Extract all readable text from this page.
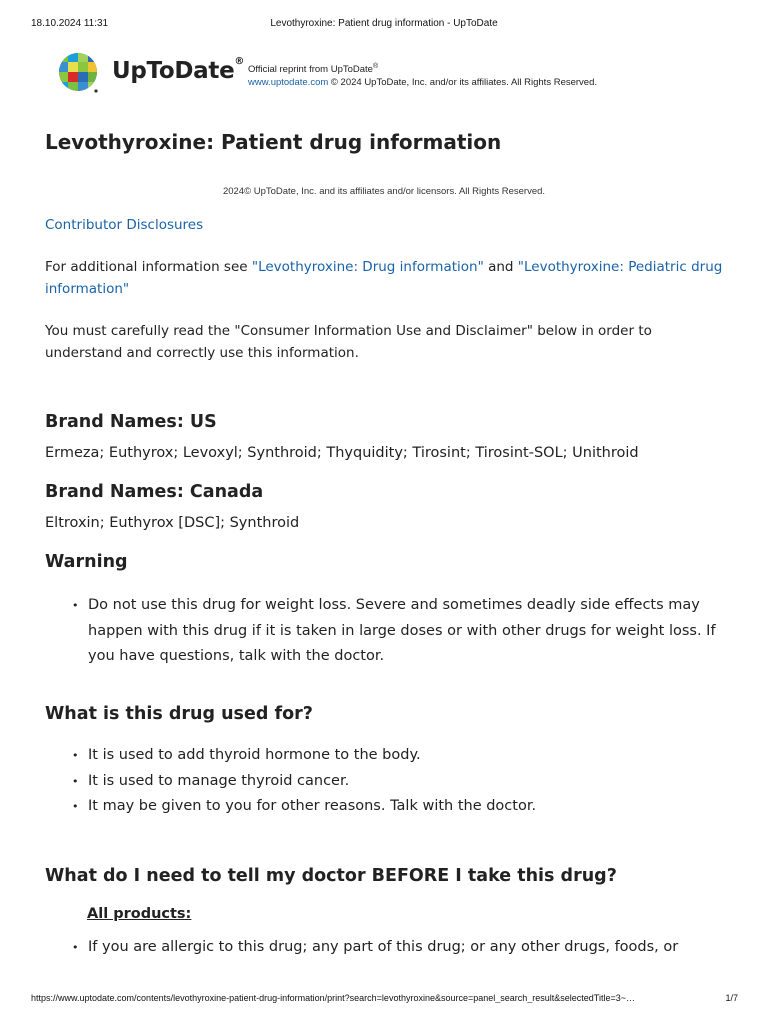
18.10.2024 11:31	Levothyroxine: Patient drug information - UpToDate
UpToDate®
Official reprint from UpToDate®
www.uptodate.com © 2024 UpToDate, Inc. and/or its affiliates. All Rights Reserved.
Levothyroxine: Patient drug information
2024© UpToDate, Inc. and its affiliates and/or licensors. All Rights Reserved.
Contributor Disclosures
For additional information see "Levothyroxine: Drug information" and "Levothyroxine: Pediatric drug information"
You must carefully read the "Consumer Information Use and Disclaimer" below in order to understand and correctly use this information.
Brand Names: US
Ermeza; Euthyrox; Levoxyl; Synthroid; Thyquidity; Tirosint; Tirosint-SOL; Unithroid
Brand Names: Canada
Eltroxin; Euthyrox [DSC]; Synthroid
Warning
• Do not use this drug for weight loss. Severe and sometimes deadly side effects may happen with this drug if it is taken in large doses or with other drugs for weight loss. If you have questions, talk with the doctor.
What is this drug used for?
• It is used to add thyroid hormone to the body.
• It is used to manage thyroid cancer.
• It may be given to you for other reasons. Talk with the doctor.
What do I need to tell my doctor BEFORE I take this drug?
All products:
• If you are allergic to this drug; any part of this drug; or any other drugs, foods, or
https://www.uptodate.com/contents/levothyroxine-patient-drug-information/print?search=levothyroxine&source=panel_search_result&selectedTitle=3~…	1/7
